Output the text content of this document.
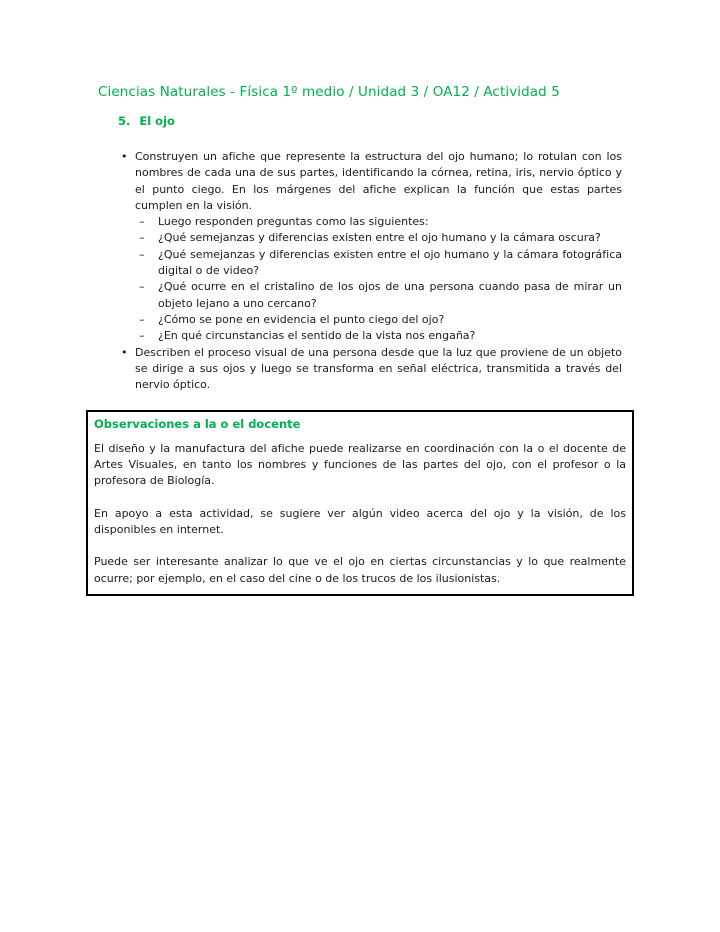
Ciencias Naturales - Física 1º medio / Unidad 3 / OA12 / Actividad 5
5. El ojo

• Construyen un afiche que represente la estructura del ojo humano; lo rotulan con los nombres de cada una de sus partes, identificando la córnea, retina, iris, nervio óptico y el punto ciego. En los márgenes del afiche explican la función que estas partes cumplen en la visión.

– Luego responden preguntas como las siguientes:
– ¿Qué semejanzas y diferencias existen entre el ojo humano y la cámara oscura?
– ¿Qué semejanzas y diferencias existen entre el ojo humano y la cámara fotográfica digital o de video?
– ¿Qué ocurre en el cristalino de los ojos de una persona cuando pasa de mirar un objeto lejano a uno cercano?
– ¿Cómo se pone en evidencia el punto ciego del ojo?
– ¿En qué circunstancias el sentido de la vista nos engaña?

• Describen el proceso visual de una persona desde que la luz que proviene de un objeto se dirige a sus ojos y luego se transforma en señal eléctrica, transmitida a través del nervio óptico.

Observaciones a la o el docente

El diseño y la manufactura del afiche puede realizarse en coordinación con la o el docente de Artes Visuales, en tanto los nombres y funciones de las partes del ojo, con el profesor o la profesora de Biología.

En apoyo a esta actividad, se sugiere ver algún video acerca del ojo y la visión, de los disponibles en internet.

Puede ser interesante analizar lo que ve el ojo en ciertas circunstancias y lo que realmente ocurre; por ejemplo, en el caso del cine o de los trucos de los ilusionistas.
